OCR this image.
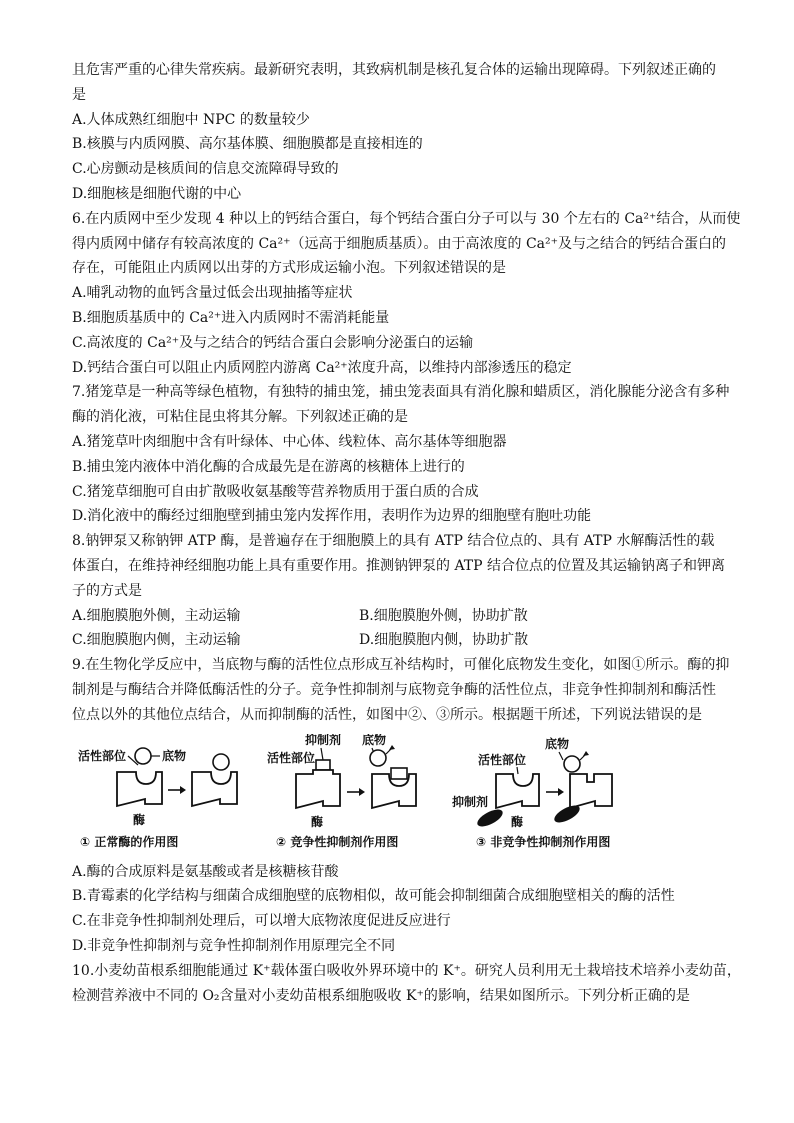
且危害严重的心律失常疾病。最新研究表明，其致病机制是核孔复合体的运输出现障碍。下列叙述正确的
是
A.人体成熟红细胞中 NPC 的数量较少
B.核膜与内质网膜、高尔基体膜、细胞膜都是直接相连的
C.心房颤动是核质间的信息交流障碍导致的
D.细胞核是细胞代谢的中心
6.在内质网中至少发现 4 种以上的钙结合蛋白，每个钙结合蛋白分子可以与 30 个左右的 Ca²⁺结合，从而使
得内质网中储存有较高浓度的 Ca²⁺（远高于细胞质基质）。由于高浓度的 Ca²⁺及与之结合的钙结合蛋白的
存在，可能阻止内质网以出芽的方式形成运输小泡。下列叙述错误的是
A.哺乳动物的血钙含量过低会出现抽搐等症状
B.细胞质基质中的 Ca²⁺进入内质网时不需消耗能量
C.高浓度的 Ca²⁺及与之结合的钙结合蛋白会影响分泌蛋白的运输
D.钙结合蛋白可以阻止内质网腔内游离 Ca²⁺浓度升高，以维持内部渗透压的稳定
7.猪笼草是一种高等绿色植物，有独特的捕虫笼，捕虫笼表面具有消化腺和蜡质区，消化腺能分泌含有多种
酶的消化液，可粘住昆虫将其分解。下列叙述正确的是
A.猪笼草叶肉细胞中含有叶绿体、中心体、线粒体、高尔基体等细胞器
B.捕虫笼内液体中消化酶的合成最先是在游离的核糖体上进行的
C.猪笼草细胞可自由扩散吸收氨基酸等营养物质用于蛋白质的合成
D.消化液中的酶经过细胞壁到捕虫笼内发挥作用，表明作为边界的细胞壁有胞吐功能
8.钠钾泵又称钠钾 ATP 酶，是普遍存在于细胞膜上的具有 ATP 结合位点的、具有 ATP 水解酶活性的载
体蛋白，在维持神经细胞功能上具有重要作用。推测钠钾泵的 ATP 结合位点的位置及其运输钠离子和钾离
子的方式是
A.细胞膜胞外侧，主动运输	B.细胞膜胞外侧，协助扩散
C.细胞膜胞内侧，主动运输	D.细胞膜胞内侧，协助扩散
9.在生物化学反应中，当底物与酶的活性位点形成互补结构时，可催化底物发生变化，如图①所示。酶的抑
制剂是与酶结合并降低酶活性的分子。竞争性抑制剂与底物竞争酶的活性位点，非竞争性抑制剂和酶活性
位点以外的其他位点结合，从而抑制酶的活性，如图中②、③所示。根据题干所述，下列说法错误的是
活性部位	底物
酶
① 正常酶的作用图
抑制剂 底物
活性部位
酶
② 竞争性抑制剂作用图
底物
活性部位
抑制剂
酶
③ 非竞争性抑制剂作用图
A.酶的合成原料是氨基酸或者是核糖核苷酸
B.青霉素的化学结构与细菌合成细胞壁的底物相似，故可能会抑制细菌合成细胞壁相关的酶的活性
C.在非竞争性抑制剂处理后，可以增大底物浓度促进反应进行
D.非竞争性抑制剂与竞争性抑制剂作用原理完全不同
10.小麦幼苗根系细胞能通过 K⁺载体蛋白吸收外界环境中的 K⁺。研究人员利用无土栽培技术培养小麦幼苗，
检测营养液中不同的 O₂含量对小麦幼苗根系细胞吸收 K⁺的影响，结果如图所示。下列分析正确的是
